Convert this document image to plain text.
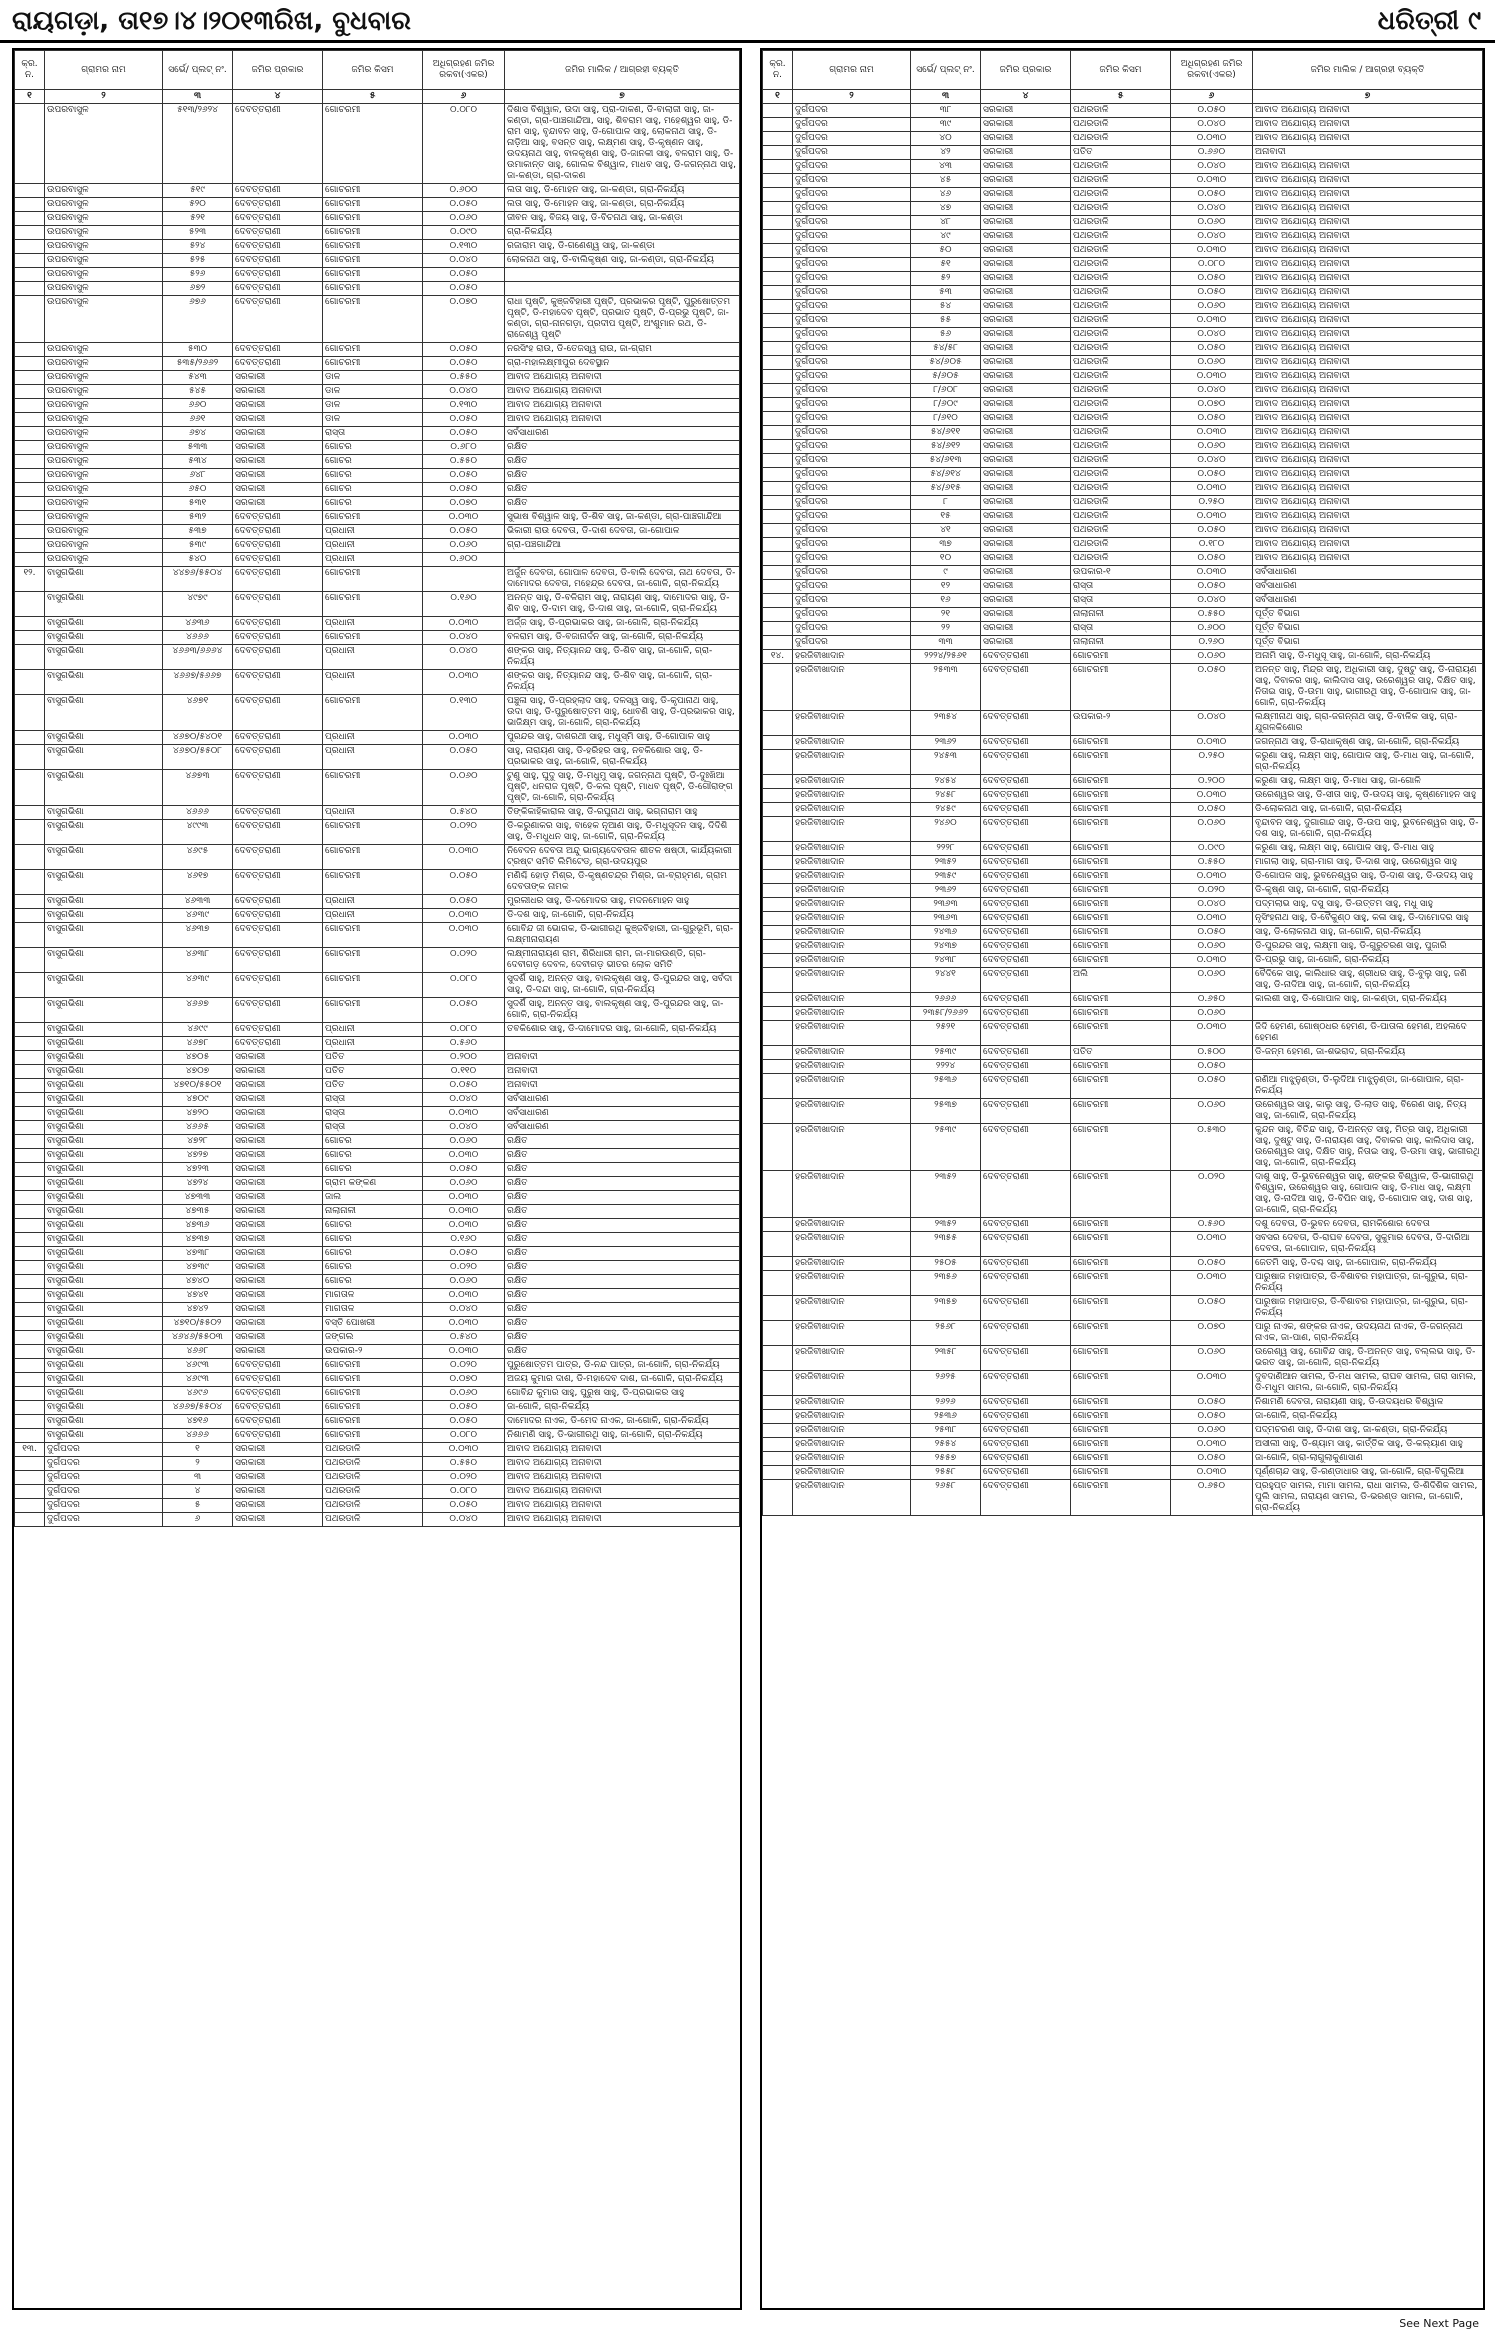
ରାୟଗଡ଼ା, ତା୧୭।୪।୨୦୧୩ରିଖ, ବୁଧବାର	ଧରିତ୍ରୀ ୯
କ୍ର. ନ.	ଗ୍ରାମର ନାମ	ସର୍ଭେ/ ପ୍ଲଟ୍ ନଂ.	ଜମିର ପ୍ରକାର	ଜମିର କିସମ	ଅଧିଗ୍ରହଣ ଜମିର ରକବା(ଏକର)	ଜମିର ମାଲିକ / ଆଗ୍ରହୀ ବ୍ୟକ୍ତି
୧	୨	୩	୪	୫	୬	୭
	ଉପରବାସୁଳ	୫୧୩/୨୬୨୪	ଦେବତ୍ତରାଣୀ	ଗୋଚରମୀ	୦.୦୮୦	ଦିଶାସ ବିଶ୍ୱାଳ, ଉଦା ସାହୁ, ପ୍ରା-ଦାକଣ, ଡି-ବାଲାଜୀ ସାହୁ, ଜା-କଣ୍ଡା, ଗ୍ରା-ପାଞ୍ଚଗାନ୍ଦିଆ, ସାହୁ, ଶିବରାମ ସାହୁ, ମହେଶ୍ୱର ସାହୁ, ଡି-ରାମ ସାହୁ, ବୃନ୍ଦାବନ ସାହୁ, ଡି-ଗୋପାଳ ସାହୁ, ଲୋକନାଥ ସାହୁ, ଡି-ନାଡ଼ିଆ ସାହୁ, ବସନ୍ତ ସାହୁ, ଲକ୍ଷ୍ମଣ ସାହୁ, ଡି-କୃଷ୍ଣନ ସାହୁ, ଉଦୟନାଥ ସାହୁ, ବାଳକୃଷ୍ଣ ସାହୁ, ଡି-ଜାନକୀ ସାହୁ, ବଳରାମ ସାହୁ, ଡି-ଉମାକାନ୍ତ ସାହୁ, ଗୋଲକ ବିଶ୍ୱାଳ, ମାଧବ ସାହୁ, ଡି-ଜଗନ୍ନାଥ ସାହୁ, ଜା-କଣ୍ଡା, ଗ୍ରା-ଦାକଣ
	ଉପରବାସୁଳ	୫୧୯	ଦେବତ୍ତରାଣୀ	ଗୋଚରମୀ	୦.୬୦୦	ଲତା ସାହୁ, ଡି-ମୋହନ ସାହୁ, ଜା-କଣ୍ଡା, ଗ୍ରା-ନିକର୍ଯ୍ୟ
	ଉପରବାସୁଳ	୫୨୦	ଦେବତ୍ତରାଣୀ	ଗୋଚରମୀ	୦.୦୫୦	ଲତା ସାହୁ, ଡି-ମୋହନ ସାହୁ, ଜା-କଣ୍ଡା, ଗ୍ରା-ନିକର୍ଯ୍ୟ
	ଉପରବାସୁଳ	୫୨୧	ଦେବତ୍ତରାଣୀ	ଗୋଚରମୀ	୦.୦୬୦	ଜୀବନ ସାହୁ, ବିଜୟ ସାହୁ, ଡି-ବିଚନାଥ ସାହୁ, ଜା-କଣ୍ଡା
	ଉପରବାସୁଳ	୫୨୩	ଦେବତ୍ତରାଣୀ	ଗୋଚରମୀ	୦.୦୯୦	ଗ୍ରା-ନିକର୍ଯ୍ୟ
	ଉପରବାସୁଳ	୫୨୪	ଦେବତ୍ତରାଣୀ	ଗୋଚରମୀ	୦.୧୩୦	ରଜାରାମ ସାହୁ, ଡି-ଗଣେଶ୍ୱ ସାହୁ, ଜା-କଣ୍ଡା
	ଉପରବାସୁଳ	୫୨୫	ଦେବତ୍ତରାଣୀ	ଗୋଚରମୀ	୦.୦୪୦	ଲୋକନାଥ ସାହୁ, ଡି-ବାଲିକୃଷ୍ଣ ସାହୁ, ଜା-କଣ୍ଡା, ଗ୍ରା-ନିକର୍ଯ୍ୟ
	ଉପରବାସୁଳ	୫୨୬	ଦେବତ୍ତରାଣୀ	ଗୋଚରମୀ	୦.୦୫୦	
	ଉପରବାସୁଳ	୬୭୨	ଦେବତ୍ତରାଣୀ	ଗୋଚରମୀ	୦.୦୫୦	
	ଉପରବାସୁଳ	୬୭୬	ଦେବତ୍ତରାଣୀ	ଗୋଚରମୀ	୦.୦୭୦	ରାଧା ପୃଷ୍ଟି, କୁଞ୍ଜବିହାରୀ ପୃଷ୍ଟି, ପ୍ରଭାକର ପୃଷ୍ଟି, ପୁରୁଷୋତ୍ତମ ପୃଷ୍ଟି, ଡି-ମହାଦେବ ପୃଷ୍ଟି, ପ୍ରଭାତ ପୃଷ୍ଟି, ଡି-ପ୍ରଭୁ ପୃଷ୍ଟି, ଜା-କଣ୍ଡା, ଗ୍ରା-ନାନଗଡ଼ା, ପ୍ରଦୀପ ପୃଷ୍ଟି, ଅଂଶୁମାନ ରଥ, ଡି-ରାଜେଶ୍ୱ ପୃଷ୍ଟି
	ଉପରବାସୁଳ	୫୩୦	ଦେବତ୍ତରାଣୀ	ଗୋଚରମୀ	୦.୦୫୦	ନରସିଂହ ରାଉ, ଡି-ତେଜସ୍ୱ ରାଉ, ଜା-ଗ୍ରାମ
	ଉପରବାସୁଳ	୫୩୫/୨୬୬୨	ଦେବତ୍ତରାଣୀ	ଗୋଚରମୀ	୦.୦୫୦	ଗ୍ରା-ମହାଲକ୍ଷ୍ମୀପୁର ଦେବସ୍ଥାନ
	ଉପରବାସୁଳ	୫୪୩	ସରକାରୀ	ଡାଳ	୦.୫୫୦	ଆବାଦ ଅଯୋଗ୍ୟ ଅନାବାଦୀ
	ଉପରବାସୁଳ	୫୪୫	ସରକାରୀ	ଡାଳ	୦.୦୪୦	ଆବାଦ ଅଯୋଗ୍ୟ ଅନାବାଦୀ
	ଉପରବାସୁଳ	୬୬୦	ସରକାରୀ	ଡାଳ	୦.୧୩୦	ଆବାଦ ଅଯୋଗ୍ୟ ଅନାବାଦୀ
	ଉପରବାସୁଳ	୬୬୧	ସରକାରୀ	ଡାଳ	୦.୦୫୦	ଆବାଦ ଅଯୋଗ୍ୟ ଅନାବାଦୀ
	ଉପରବାସୁଳ	୬୭୪	ସରକାରୀ	ରାସ୍ତା	୦.୦୫୦	ସର୍ବସାଧାରଣ
	ଉପରବାସୁଳ	୫୩୩	ସରକାରୀ	ଗୋଚର	୦.୬୮୦	ରକ୍ଷିତ
	ଉପରବାସୁଳ	୫୩୪	ସରକାରୀ	ଗୋଚର	୦.୫୫୦	ରକ୍ଷିତ
	ଉପରବାସୁଳ	୬୪୮	ସରକାରୀ	ଗୋଚର	୦.୦୫୦	ରକ୍ଷିତ
	ଉପରବାସୁଳ	୬୫୦	ସରକାରୀ	ଗୋଚର	୦.୦୫୦	ରକ୍ଷିତ
	ଉପରବାସୁଳ	୫୩୧	ସରକାରୀ	ଗୋଚର	୦.୦୭୦	ରକ୍ଷିତ
	ଉପରବାସୁଳ	୫୩୨	ଦେବତ୍ତରାଣୀ	ଗୋଚରମୀ	୦.୦୩୦	ସୁଭାଷ ବିଶ୍ୱାଳ ସାହୁ, ଡି-ଶିବ ସାହୁ, ଜା-କଣ୍ଡା, ଗ୍ରା-ପାଞ୍ଚଗାନ୍ଦିଆ
	ଉପରବାସୁଳ	୫୩୭	ଦେବତ୍ତରାଣୀ	ପ୍ରଧାନୀ	୦.୦୫୦	ଭିକାରୀ ରାଉ ଦେବତା, ଡି-ଦାଶ ଦେବତା, ଜା-ଗୋପାଳ
	ଉପରବାସୁଳ	୫୩୯	ଦେବତ୍ତରାଣୀ	ପ୍ରଧାନୀ	୦.୦୬୦	ଗ୍ରା-ପଞ୍ଚଗାନ୍ଦିଆ
	ଉପରବାସୁଳ	୫୪୦	ଦେବତ୍ତରାଣୀ	ପ୍ରଧାନୀ	୦.୬୦୦	
୧୨.	ବାସୁଗଭିଶା	୪୪୭୬/୫୫୦୪	ଦେବତ୍ତରାଣୀ	ଗୋଚରମୀ		ଅର୍ଜୁନ ଦେବତା, ଗୋପାଳ ଦେବତା, ଡି-ବାଲି ଦେବତା, ନାଥ ଦେବତା, ଡି-ଦାମୋଦର ଦେବତା, ମହେନ୍ଦ୍ର ଦେବତା, ଜା-ଗୋଳି, ଗ୍ରା-ନିକର୍ଯ୍ୟ
	ବାସୁଗଭିଶା	୪୯୭୯	ଦେବତ୍ତରାଣୀ	ଗୋଚରମୀ	୦.୧୬୦	ଅନନ୍ତ ସାହୁ, ଡି-ବଳିରାମ ସାହୁ, ନାରାୟଣ ସାହୁ, ଦାମୋଦର ସାହୁ, ଡି-ଶିବ ସାହୁ, ଡି-ଦାମ ସାହୁ, ଡି-ଦାଶ ସାହୁ, ଜା-ଗୋଳି, ଗ୍ରା-ନିକର୍ଯ୍ୟ
	ବାସୁଗଭିଶା	୪୬୩୬	ଦେବତ୍ତରାଣୀ	ପ୍ରଧାନୀ	୦.୦୩୦	ଅର୍ଜ୍ଜ ସାହୁ, ଡି-ପ୍ରଭାକର ସାହୁ, ଜା-ଗୋଳି, ଗ୍ରା-ନିକର୍ଯ୍ୟ
	ବାସୁଗଭିଶା	୪୬୬୬	ଦେବତ୍ତରାଣୀ	ଗୋଚରମୀ	୦.୦୪୦	ବଳରାମ ସାହୁ, ଡି-ବଜାନାର୍ଦନ ସାହୁ, ଜା-ଗୋଳି, ଗ୍ରା-ନିକର୍ଯ୍ୟ
	ବାସୁଗଭିଶା	୪୬୬୩/୬୬୬୪	ଦେବତ୍ତରାଣୀ	ପ୍ରଧାନୀ	୦.୦୪୦	ଶଙ୍କର ସାହୁ, ନିତ୍ୟାନନ୍ଦ ସାହୁ, ଡି-ଶିବ ସାହୁ, ଜା-ଗୋଳି, ଗ୍ରା-ନିକର୍ଯ୍ୟ
	ବାସୁଗଭିଶା	୪୬୬୭/୫୬୬୭	ଦେବତ୍ତରାଣୀ	ପ୍ରଧାନୀ	୦.୦୩୦	ଶଙ୍କର ସାହୁ, ନିତ୍ୟାନନ୍ଦ ସାହୁ, ଡି-ଶିବ ସାହୁ, ଜା-ଗୋଳି, ଗ୍ରା-ନିକର୍ଯ୍ୟ
	ବାସୁଗଭିଶା	୪୬୭୧	ଦେବତ୍ତରାଣୀ	ଗୋଚରମୀ	୦.୧୩୦	ପଞ୍ଚୁଳା ସାହୁ, ଡି-ପ୍ରହ୍ଲାଦ ସାହୁ, ଦଳସ୍ୱ ସାହୁ, ଡି-କୃପାନାଥ ସାହୁ, ଉଦା ସାହୁ, ଡି-ପୁରୁଷୋତ୍ତମ ସାହୁ, ଧୋବଣି ସାହୁ, ଡି-ପ୍ରଭାକର ସାହୁ, ଭାଜିକ୍ଷ୍ମ ସାହୁ, ଜା-ଗୋଳି, ଗ୍ରା-ନିକର୍ଯ୍ୟ
	ବାସୁଗଭିଶା	୪୬୭୦/୫୪୦୧	ଦେବତ୍ତରାଣୀ	ପ୍ରଧାନୀ	୦.୦୩୦	ପୁରନ୍ଦର ସାହୁ, ଦାଶରଥୀ ସାହୁ, ମଧୁସ୍ମି ସାହୁ, ଡି-ଗୋପାଳ ସାହୁ
	ବାସୁଗଭିଶା	୪୬୭୦/୫୫୦୮	ଦେବତ୍ତରାଣୀ	ପ୍ରଧାନୀ	୦.୦୫୦	ସାହୁ, ନାରାୟଣ ସାହୁ, ଡି-ହରିହର ସାହୁ, ନବକିଶୋର ସାହୁ, ଡି-ପ୍ରଭାକର ସାହୁ, ଜା-ଗୋଳି, ଗ୍ରା-ନିକର୍ଯ୍ୟ
	ବାସୁଗଭିଶା	୪୬୭୩	ଦେବତ୍ତରାଣୀ	ଗୋଚରମୀ	୦.୦୬୦	ଟୁଣୁ ସାହୁ, ଘୁଦୁ ସାହୁ, ଡି-ମଧୁମୁ ସାହୁ, ଜଗନ୍ନାଥ ପୃଷ୍ଟି, ଡି-ଦୁଃଖିଆ ପୃଷ୍ଟି, ଧନରାଜ ପୃଷ୍ଟି, ଡି-କଲ ପୃଷ୍ଟି, ମାଧବ ପୃଷ୍ଟି, ଡି-ଗୌରାଙ୍ଗ ପୃଷ୍ଟି, ଜା-ଗୋଳି, ଗ୍ରା-ନିକର୍ଯ୍ୟ
	ବାସୁଗଭିଶା	୪୬୬୬	ଦେବତ୍ତରାଣୀ	ପ୍ରଧାନୀ	୦.୫୪୦	ତିଙ୍କିକାହିକାରାଲ ସାହୁ, ଡି-ରଘୁନାଥ ସାହୁ, ଭଗ୍ନାରାମ ସାହୁ
	ବାସୁଗଭିଶା	୪୯୯୩	ଦେବତ୍ତରାଣୀ	ଗୋଚରମୀ	୦.୦୨୦	ଡି-କରୁଣାକର ସାହୁ, ବାହେକ ନୂଆଣ ସାହୁ, ଡି-ମଧୁସୂଦନ ସାହୁ, ଦିଦିଶି ସାହୁ, ଡି-ମଧୁଧନ ସାହୁ, ଜା-ଗୋଳି, ଗ୍ରା-ନିକର୍ଯ୍ୟ
	ବାସୁଗଭିଶା	୪୬୯୫	ଦେବତ୍ତରାଣୀ	ଗୋଚରମୀ	୦.୦୩୦	ନିବେଦନ ଦେବତା ଅନ୍ଦୁ ଭାଗ୍ୟଦେବତାଳ ଶୀତଳ ଷଷ୍ଠୀ, କାର୍ଯ୍ୟକାରୀ ଟ୍ରଷ୍ଟ ସମିତି ଲିମିଟେଡ୍, ଗ୍ରା-ଉଦୟପୁର
	ବାସୁଗଭିଶା	୪୬୧୭	ଦେବତ୍ତରାଣୀ	ଗୋଚରମୀ	୦.୦୫୦	ମଣିଶ୍ଚି ହୋଡ଼ ମିଶ୍ର, ଡି-କୃଷ୍ଣଚନ୍ଦ୍ର ମିଶ୍ର, ଜା-ବ୍ରାହ୍ମଣ, ଗ୍ରାମ ଦେବତାଙ୍କ ନାମକ
	ବାସୁଗଭିଶା	୪୬୩୩	ଦେବତ୍ତରାଣୀ	ପ୍ରଧାନୀ	୦.୦୫୦	ମୁରଲୀଧର ସାହୁ, ଡି-ଦମୋଦର ସାହୁ, ମଦନମୋହନ ସାହୁ
	ବାସୁଗଭିଶା	୪୬୩୯	ଦେବତ୍ତରାଣୀ	ପ୍ରଧାନୀ	୦.୦୩୦	ଡି-ଦଶ ସାହୁ, ଜା-ଗୋଳି, ଗ୍ରା-ନିକର୍ଯ୍ୟ
	ବାସୁଗଭିଶା	୪୬୩୭	ଦେବତ୍ତରାଣୀ	ଗୋଚରମୀ	୦.୦୩୦	ଗୋବିନ୍ଦ ଜୀ ଭୋଗକ, ଡି-ଭାଗୀରଥି କୁଞ୍ଜବିହାରୀ, ଜା-ଗୁରୁଭୂମି, ଗ୍ରା-ଲକ୍ଷ୍ମୀନାରାୟଣ
	ବାସୁଗଭିଶା	୪୬୩୮	ଦେବତ୍ତରାଣୀ	ଗୋଚରମୀ	୦.୦୨୦	ଲକ୍ଷ୍ମୀନାରାୟଣ ରାମ, ଶିରିଧାରୀ ରାମ, ଜା-ମାରଉଣ୍ଡି, ଗ୍ରା-ଦେବୀଗଡ଼ ଦେବଳ, ଦେବୀଗଡ଼ ଭୀତର ଲୋକ ସମିତି
	ବାସୁଗଭିଶା	୪୬୩୯	ଦେବତ୍ତରାଣୀ	ଗୋଚରମୀ	୦.୦୮୦	ସୁଦର୍ଶି ସାହୁ, ଅନନ୍ତ ସାହୁ, ବାଲକୃଷ୍ଣ ସାହୁ, ଡି-ପୁରନ୍ଦର ସାହୁ, ସର୍ବଦା ସାହୁ, ଡି-ଦନ୍ଦା ସାହୁ, ଜା-ଗୋଳି, ଗ୍ରା-ନିକର୍ଯ୍ୟ
	ବାସୁଗଭିଶା	୪୬୬୭	ଦେବତ୍ତରାଣୀ	ଗୋଚରମୀ	୦.୦୫୦	ସୁଦର୍ଶି ସାହୁ, ଅନନ୍ତ ସାହୁ, ବାଲକୃଷ୍ଣ ସାହୁ, ଡି-ପୁରନ୍ଦର ସାହୁ, ଜା-ଗୋଳି, ଗ୍ରା-ନିକର୍ଯ୍ୟ
	ବାସୁଗଭିଶା	୪୬୯୯	ଦେବତ୍ତରାଣୀ	ପ୍ରଧାନୀ	୦.୦୮୦	ତବକିଶୋର ସାହୁ, ଡି-ଦାମୋଦର ସାହୁ, ଜା-ଗୋଳି, ଗ୍ରା-ନିକର୍ଯ୍ୟ
	ବାସୁଗଭିଶା	୪୬୭୮	ଦେବତ୍ତରାଣୀ	ପ୍ରଧାନୀ	୦.୫୬୦	
	ବାସୁଗଭିଶା	୪୭୦୫	ସରକାରୀ	ପତିତ	୦.୨୦୦	ଅନାବାଦୀ
	ବାସୁଗଭିଶା	୪୭୦୭	ସରକାରୀ	ପତିତ	୦.୧୧୦	ଅନାବାଦୀ
	ବାସୁଗଭିଶା	୪୭୧୦/୫୫୦୧	ସରକାରୀ	ପତିତ	୦.୦୫୦	ଅନାବାଦୀ
	ବାସୁଗଭିଶା	୪୭୦୯	ସରକାରୀ	ରାସ୍ତା	୦.୦୪୦	ସର୍ବସାଧାରଣ
	ବାସୁଗଭିଶା	୪୭୨୦	ସରକାରୀ	ରାସ୍ତା	୦.୦୩୦	ସର୍ବସାଧାରଣ
	ବାସୁଗଭିଶା	୪୬୬୫	ସରକାରୀ	ରାସ୍ତା	୦.୦୪୦	ସର୍ବସାଧାରଣ
	ବାସୁଗଭିଶା	୪୭୨୮	ସରକାରୀ	ଗୋଚର	୦.୦୬୦	ରକ୍ଷିତ
	ବାସୁଗଭିଶା	୪୭୨୭	ସରକାରୀ	ଗୋଚର	୦.୦୩୦	ରକ୍ଷିତ
	ବାସୁଗଭିଶା	୪୭୨୩	ସରକାରୀ	ଗୋଚର	୦.୦୫୦	ରକ୍ଷିତ
	ବାସୁଗଭିଶା	୪୭୨୪	ସରକାରୀ	ଗ୍ରାମ କଙ୍କଣ	୦.୦୬୦	ରକ୍ଷିତ
	ବାସୁଗଭିଶା	୪୭୩୩	ସରକାରୀ	ଜାଲ	୦.୦୩୦	ରକ୍ଷିତ
	ବାସୁଗଭିଶା	୪୭୩୫	ସରକାରୀ	ନାଲାନାଳୀ	୦.୦୩୦	ରକ୍ଷିତ
	ବାସୁଗଭିଶା	୪୭୩୬	ସରକାରୀ	ଗୋଚର	୦.୦୩୦	ରକ୍ଷିତ
	ବାସୁଗଭିଶା	୪୭୩୭	ସରକାରୀ	ଗୋଚର	୦.୧୬୦	ରକ୍ଷିତ
	ବାସୁଗଭିଶା	୪୭୩୮	ସରକାରୀ	ଗୋଚର	୦.୦୫୦	ରକ୍ଷିତ
	ବାସୁଗଭିଶା	୪୭୩୯	ସରକାରୀ	ଗୋଚର	୦.୦୨୦	ରକ୍ଷିତ
	ବାସୁଗଭିଶା	୪୭୪୦	ସରକାରୀ	ଗୋଚର	୦.୦୬୦	ରକ୍ଷିତ
	ବାସୁଗଭିଶା	୪୭୪୧	ସରକାରୀ	ମାଗତାଳ	୦.୦୩୦	ରକ୍ଷିତ
	ବାସୁଗଭିଶା	୪୭୪୨	ସରକାରୀ	ମାଗତାଳ	୦.୦୪୦	ରକ୍ଷିତ
	ବାସୁଗଭିଶା	୪୭୧୦/୫୫୦୨	ସରକାରୀ	ବସ୍ତି ପୋଖରୀ	୦.୦୩୦	ରକ୍ଷିତ
	ବାସୁଗଭିଶା	୪୬୪୬/୫୫୦୩	ସରକାରୀ	ଜଙ୍ଗଲ	୦.୫୪୦	ରକ୍ଷିତ
	ବାସୁଗଭିଶା	୪୬୬୮	ସରକାରୀ	ଉପକାର-୨	୦.୦୩୦	ରକ୍ଷିତ
	ବାସୁଗଭିଶା	୪୬୯୩	ଦେବତ୍ତରାଣୀ	ଗୋଚରମୀ	୦.୦୨୦	ପୁରୁଷୋତ୍ତମ ପାତ୍ର, ଡି-ନନ୍ଦ ପାତ୍ର, ଜା-ଗୋଳି, ଗ୍ରା-ନିକର୍ଯ୍ୟ
	ବାସୁଗଭିଶା	୪୬୯୩	ଦେବତ୍ତରାଣୀ	ଗୋଚରମୀ	୦.୦୭୦	ଅଜୟ କୁମାର ଦାଶ, ଡି-ମହାଦେବ ଦାଶ, ଜା-ଗୋଳି, ଗ୍ରା-ନିକର୍ଯ୍ୟ
	ବାସୁଗଭିଶା	୪୬୯୬	ଦେବତ୍ତରାଣୀ	ଗୋଚରମୀ	୦.୦୬୦	ଗୋବିନ୍ଦ କୁମାର ସାହୁ, ପୁରୁଷ ସାହୁ, ଡି-ପ୍ରଭାକର ସାହୁ
	ବାସୁଗଭିଶା	୪୬୬୭/୫୫୦୪	ଦେବତ୍ତରାଣୀ	ଗୋଚରମୀ	୦.୦୫୦	ଜା-ଗୋଳି, ଗ୍ରା-ନିକର୍ଯ୍ୟ
	ବାସୁଗଭିଶା	୪୭୧୬	ଦେବତ୍ତରାଣୀ	ଗୋଚରମୀ	୦.୦୫୦	ଦାମୋଦର ନାଏକ, ଡି-ମେଦ ନାଏକ, ଜା-ଗୋଳି, ଗ୍ରା-ନିକର୍ଯ୍ୟ
	ବାସୁଗଭିଶା	୪୬୬୬	ଦେବତ୍ତରାଣୀ	ଗୋଚରମୀ	୦.୦୮୦	ନିଶାମଣି ସାହୁ, ଡି-ଭାଗୀରଥି ସାହୁ, ଜା-ଗୋଳି, ଗ୍ରା-ନିକର୍ଯ୍ୟ
୧୩.	ଦୁର୍ଗପଦର	୧	ସରକାରୀ	ପଥରଡାଳି	୦.୦୩୦	ଆବାଦ ଅଯୋଗ୍ୟ ଅନାବାଦୀ
	ଦୁର୍ଗପଦର	୨	ସରକାରୀ	ପଥରଡାଳି	୦.୫୫୦	ଆବାଦ ଅଯୋଗ୍ୟ ଅନାବାଦୀ
	ଦୁର୍ଗପଦର	୩	ସରକାରୀ	ପଥରଡାଳି	୦.୦୨୦	ଆବାଦ ଅଯୋଗ୍ୟ ଅନାବାଦୀ
	ଦୁର୍ଗପଦର	୪	ସରକାରୀ	ପଥରଡାଳି	୦.୦୮୦	ଆବାଦ ଅଯୋଗ୍ୟ ଅନାବାଦୀ
	ଦୁର୍ଗପଦର	୫	ସରକାରୀ	ପଥରଡାଳି	୦.୦୫୦	ଆବାଦ ଅଯୋଗ୍ୟ ଅନାବାଦୀ
	ଦୁର୍ଗପଦର	୬	ସରକାରୀ	ପଥରଡାଳି	୦.୦୪୦	ଆବାଦ ଅଯୋଗ୍ୟ ଅନାବାଦୀ
କ୍ର. ନ.	ଗ୍ରାମର ନାମ	ସର୍ଭେ/ ପ୍ଲଟ୍ ନଂ.	ଜମିର ପ୍ରକାର	ଜମିର କିସମ	ଅଧିଗ୍ରହଣ ଜମିର ରକବା(ଏକର)	ଜମିର ମାଲିକ / ଆଗ୍ରହୀ ବ୍ୟକ୍ତି
୧	୨	୩	୪	୫	୬	୭
	ଦୁର୍ଗପଦର	୩୮	ସରକାରୀ	ପଥରଡାଳି	୦.୦୫୦	ଆବାଦ ଅଯୋଗ୍ୟ ଅନାବାଦୀ
	ଦୁର୍ଗପଦର	୩୯	ସରକାରୀ	ପଥରଡାଳି	୦.୦୪୦	ଆବାଦ ଅଯୋଗ୍ୟ ଅନାବାଦୀ
	ଦୁର୍ଗପଦର	୪୦	ସରକାରୀ	ପଥରଡାଳି	୦.୦୩୦	ଆବାଦ ଅଯୋଗ୍ୟ ଅନାବାଦୀ
	ଦୁର୍ଗପଦର	୪୨	ସରକାରୀ	ପତିତ	୦.୬୬୦	ଅନାବାଦୀ
	ଦୁର୍ଗପଦର	୪୩	ସରକାରୀ	ପଥରଡାଳି	୦.୦୪୦	ଆବାଦ ଅଯୋଗ୍ୟ ଅନାବାଦୀ
	ଦୁର୍ଗପଦର	୪୫	ସରକାରୀ	ପଥରଡାଳି	୦.୦୩୦	ଆବାଦ ଅଯୋଗ୍ୟ ଅନାବାଦୀ
	ଦୁର୍ଗପଦର	୪୬	ସରକାରୀ	ପଥରଡାଳି	୦.୦୫୦	ଆବାଦ ଅଯୋଗ୍ୟ ଅନାବାଦୀ
	ଦୁର୍ଗପଦର	୪୭	ସରକାରୀ	ପଥରଡାଳି	୦.୦୪୦	ଆବାଦ ଅଯୋଗ୍ୟ ଅନାବାଦୀ
	ଦୁର୍ଗପଦର	୪୮	ସରକାରୀ	ପଥରଡାଳି	୦.୦୬୦	ଆବାଦ ଅଯୋଗ୍ୟ ଅନାବାଦୀ
	ଦୁର୍ଗପଦର	୪୯	ସରକାରୀ	ପଥରଡାଳି	୦.୦୪୦	ଆବାଦ ଅଯୋଗ୍ୟ ଅନାବାଦୀ
	ଦୁର୍ଗପଦର	୫୦	ସରକାରୀ	ପଥରଡାଳି	୦.୦୩୦	ଆବାଦ ଅଯୋଗ୍ୟ ଅନାବାଦୀ
	ଦୁର୍ଗପଦର	୫୧	ସରକାରୀ	ପଥରଡାଳି	୦.୦୮୦	ଆବାଦ ଅଯୋଗ୍ୟ ଅନାବାଦୀ
	ଦୁର୍ଗପଦର	୫୨	ସରକାରୀ	ପଥରଡାଳି	୦.୦୫୦	ଆବାଦ ଅଯୋଗ୍ୟ ଅନାବାଦୀ
	ଦୁର୍ଗପଦର	୫୩	ସରକାରୀ	ପଥରଡାଳି	୦.୦୫୦	ଆବାଦ ଅଯୋଗ୍ୟ ଅନାବାଦୀ
	ଦୁର୍ଗପଦର	୫୪	ସରକାରୀ	ପଥରଡାଳି	୦.୦୬୦	ଆବାଦ ଅଯୋଗ୍ୟ ଅନାବାଦୀ
	ଦୁର୍ଗପଦର	୫୫	ସରକାରୀ	ପଥରଡାଳି	୦.୦୩୦	ଆବାଦ ଅଯୋଗ୍ୟ ଅନାବାଦୀ
	ଦୁର୍ଗପଦର	୫୬	ସରକାରୀ	ପଥରଡାଳି	୦.୦୪୦	ଆବାଦ ଅଯୋଗ୍ୟ ଅନାବାଦୀ
	ଦୁର୍ଗପଦର	୫୪/୫୮	ସରକାରୀ	ପଥରଡାଳି	୦.୦୫୦	ଆବାଦ ଅଯୋଗ୍ୟ ଅନାବାଦୀ
	ଦୁର୍ଗପଦର	୫୪/୬୦୫	ସରକାରୀ	ପଥରଡାଳି	୦.୦୬୦	ଆବାଦ ଅଯୋଗ୍ୟ ଅନାବାଦୀ
	ଦୁର୍ଗପଦର	୫/୬୦୫	ସରକାରୀ	ପଥରଡାଳି	୦.୦୩୦	ଆବାଦ ଅଯୋଗ୍ୟ ଅନାବାଦୀ
	ଦୁର୍ଗପଦର	୮/୬୦୮	ସରକାରୀ	ପଥରଡାଳି	୦.୦୪୦	ଆବାଦ ଅଯୋଗ୍ୟ ଅନାବାଦୀ
	ଦୁର୍ଗପଦର	୮/୬୦୯	ସରକାରୀ	ପଥରଡାଳି	୦.୦୭୦	ଆବାଦ ଅଯୋଗ୍ୟ ଅନାବାଦୀ
	ଦୁର୍ଗପଦର	୮/୬୧୦	ସରକାରୀ	ପଥରଡାଳି	୦.୦୫୦	ଆବାଦ ଅଯୋଗ୍ୟ ଅନାବାଦୀ
	ଦୁର୍ଗପଦର	୫୪/୬୧୧	ସରକାରୀ	ପଥରଡାଳି	୦.୦୩୦	ଆବାଦ ଅଯୋଗ୍ୟ ଅନାବାଦୀ
	ଦୁର୍ଗପଦର	୫୪/୬୧୨	ସରକାରୀ	ପଥରଡାଳି	୦.୦୬୦	ଆବାଦ ଅଯୋଗ୍ୟ ଅନାବାଦୀ
	ଦୁର୍ଗପଦର	୫୪/୬୧୩	ସରକାରୀ	ପଥରଡାଳି	୦.୦୪୦	ଆବାଦ ଅଯୋଗ୍ୟ ଅନାବାଦୀ
	ଦୁର୍ଗପଦର	୫୪/୬୧୪	ସରକାରୀ	ପଥରଡାଳି	୦.୦୫୦	ଆବାଦ ଅଯୋଗ୍ୟ ଅନାବାଦୀ
	ଦୁର୍ଗପଦର	୫୪/୬୧୫	ସରକାରୀ	ପଥରଡାଳି	୦.୦୩୦	ଆବାଦ ଅଯୋଗ୍ୟ ଅନାବାଦୀ
	ଦୁର୍ଗପଦର	୮	ସରକାରୀ	ପଥରଡାଳି	୦.୨୫୦	ଆବାଦ ଅଯୋଗ୍ୟ ଅନାବାଦୀ
	ଦୁର୍ଗପଦର	୧୫	ସରକାରୀ	ପଥରଡାଳି	୦.୦୩୦	ଆବାଦ ଅଯୋଗ୍ୟ ଅନାବାଦୀ
	ଦୁର୍ଗପଦର	୪୧	ସରକାରୀ	ପଥରଡାଳି	୦.୦୫୦	ଆବାଦ ଅଯୋଗ୍ୟ ଅନାବାଦୀ
	ଦୁର୍ଗପଦର	୩୭	ସରକାରୀ	ପଥରଡାଳି	୦.୧୮୦	ଆବାଦ ଅଯୋଗ୍ୟ ଅନାବାଦୀ
	ଦୁର୍ଗପଦର	୧୦	ସରକାରୀ	ପଥରଡାଳି	୦.୦୫୦	ଆବାଦ ଅଯୋଗ୍ୟ ଅନାବାଦୀ
	ଦୁର୍ଗପଦର	୯	ସରକାରୀ	ଉପକାର-୧	୦.୦୩୦	ସର୍ବସାଧାରଣ
	ଦୁର୍ଗପଦର	୧୨	ସରକାରୀ	ରାସ୍ତା	୦.୦୫୦	ସର୍ବସାଧାରଣ
	ଦୁର୍ଗପଦର	୧୬	ସରକାରୀ	ରାସ୍ତା	୦.୦୪୦	ସର୍ବସାଧାରଣ
	ଦୁର୍ଗପଦର	୨୧	ସରକାରୀ	ନାଲାନାଳୀ	୦.୫୫୦	ପୂର୍ତ୍ତ ବିଭାଗ
	ଦୁର୍ଗପଦର	୨୨	ସରକାରୀ	ରାସ୍ତା	୦.୬୦୦	ପୂର୍ତ୍ତ ବିଭାଗ
	ଦୁର୍ଗପଦର	୩୩	ସରକାରୀ	ନାଲାନାଳୀ	୦.୨୬୦	ପୂର୍ତ୍ତ ବିଭାଗ
୧୪.	ହରଜିବୀଖାଦାନ	୨୨୨୪/୨୫୬୧	ଦେବତ୍ତରାଣୀ	ଗୋଚରମୀ	୦.୦୬୦	ଅନାମି ସାହୁ, ଡି-ମଧୁସୂ ସାହୁ, ଜା-ଗୋଳି, ଗ୍ରା-ନିକର୍ଯ୍ୟ
	ହରଜିବୀଖାଦାନ	୨୫୩୩	ଦେବତ୍ତରାଣୀ	ଗୋଚରମୀ	୦.୦୫୦	ଅନନ୍ତ ସାହୁ, ମିନ୍ଦ୍ର ସାହୁ, ଅଧିକାରୀ ସାହୁ, ଦୁଷ୍ଟୁ ସାହୁ, ଡି-ନାରାୟଣ ସାହୁ, ଦିବାକର ସାହୁ, କାଲିଦାସ ସାହୁ, ଉରେଶ୍ୱର ସାହୁ, ଦିକ୍ଷିତ ସାହୁ, ନିତାଇ ସାହୁ, ଡି-ଉମା ସାହୁ, ଭାଗୀରଥି ସାହୁ, ଡି-ଗୋପାଳ ସାହୁ, ଜା-ଗୋଳି, ଗ୍ରା-ନିକର୍ଯ୍ୟ
	ହରଜିବୀଖାଦାନ	୨୩୫୪	ଦେବତ୍ତରାଣୀ	ଉପକାର-୨	୦.୦୪୦	ଲକ୍ଷ୍ମୀନାଥ ସାହୁ, ଗ୍ରା-ଜଗନ୍ନାଥ ସାହୁ, ଡି-ବାଳିକ ସାହୁ, ଗ୍ରା-ଯୁଗଳକିଶୋର
	ହରଜିବୀଖାଦାନ	୨୩୬୨	ଦେବତ୍ତରାଣୀ	ଗୋଚରମୀ	୦.୦୩୦	ଜଗନ୍ନାଥ ସାହୁ, ଡି-ରାଧାକୃଷ୍ଣ ସାହୁ, ଜା-ଗୋଳି, ଗ୍ରା-ନିକର୍ଯ୍ୟ
	ହରଜିବୀଖାଦାନ	୨୪୫୩	ଦେବତ୍ତରାଣୀ	ଗୋଚରମୀ	୦.୨୫୦	କରୁଣା ସାହୁ, ଲକ୍ଷ୍ମ ସାହୁ, ଗୋପାଳ ସାହୁ, ଡି-ମାଧ ସାହୁ, ଜା-ଗୋଳି, ଗ୍ରା-ନିକର୍ଯ୍ୟ
	ହରଜିବୀଖାଦାନ	୨୪୫୪	ଦେବତ୍ତରାଣୀ	ଗୋଚରମୀ	୦.୨୦୦	କରୁଣା ସାହୁ, ଲକ୍ଷ୍ମ ସାହୁ, ଡି-ମାଧ ସାହୁ, ଜା-ଗୋଳି
	ହରଜିବୀଖାଦାନ	୨୪୫୮	ଦେବତ୍ତରାଣୀ	ଗୋଚରମୀ	୦.୦୩୦	ଉରେଶ୍ୱର ସାହୁ, ଡି-ସୀତା ସାହୁ, ଡି-ଉଦୟ ସାହୁ, କୃଷ୍ଣମୋହନ ସାହୁ
	ହରଜିବୀଖାଦାନ	୨୪୫୯	ଦେବତ୍ତରାଣୀ	ଗୋଚରମୀ	୦.୦୫୦	ଡି-ଲୋକନାଥ ସାହୁ, ଜା-ଗୋଳି, ଗ୍ରା-ନିକର୍ଯ୍ୟ
	ହରଜିବୀଖାଦାନ	୨୪୬୦	ଦେବତ୍ତରାଣୀ	ଗୋଚରମୀ	୦.୦୬୦	ବୃନ୍ଦାବନ ସାହୁ, ଦୁଗାଗାନ୍ଦ ସାହୁ, ଡି-ଉପ ସାହୁ, ଭୁବନେଶ୍ୱର ସାହୁ, ଡି-ଦଶ ସାହୁ, ଜା-ଗୋଳି, ଗ୍ରା-ନିକର୍ଯ୍ୟ
	ହରଜିବୀଖାଦାନ	୨୨୨୮	ଦେବତ୍ତରାଣୀ	ଗୋଚରମୀ	୦.୦୯୦	କରୁଣା ସାହୁ, ଲକ୍ଷ୍ମ ସାହୁ, ଗୋପାଳ ସାହୁ, ଡି-ମାଧ ସାହୁ
	ହରଜିବୀଖାଦାନ	୨୩୫୨	ଦେବତ୍ତରାଣୀ	ଗୋଚରମୀ	୦.୫୫୦	ମାଗଲା ସାହୁ, ଗ୍ରା-ମାଗ ସାହୁ, ଡି-ଦାଶ ସାହୁ, ଉରେଶ୍ୱର ସାହୁ
	ହରଜିବୀଖାଦାନ	୨୩୫୯	ଦେବତ୍ତରାଣୀ	ଗୋଚରମୀ	୦.୦୩୦	ଡି-ଗୋପଳ ସାହୁ, ଭୁବନେଶ୍ୱର ସାହୁ, ଡି-ଦାଶ ସାହୁ, ଡି-ଉଦୟ ସାହୁ
	ହରଜିବୀଖାଦାନ	୨୩୬୨	ଦେବତ୍ତରାଣୀ	ଗୋଚରମୀ	୦.୦୨୦	ଡି-କୃଷ୍ଣ ସାହୁ, ଜା-ଗୋଳି, ଗ୍ରା-ନିକର୍ଯ୍ୟ
	ହରଜିବୀଖାଦାନ	୨୩୬୩	ଦେବତ୍ତରାଣୀ	ଗୋଚରମୀ	୦.୦୪୦	ପଦ୍ମଲାଭ ସାହୁ, ଦସୁ ସାହୁ, ଡି-ଉତ୍ତମ ସାହୁ, ମଧୁ ସାହୁ
	ହରଜିବୀଖାଦାନ	୨୩୬୩	ଦେବତ୍ତରାଣୀ	ଗୋଚରମୀ	୦.୦୩୦	ନୃସିଂହନାଥ ସାହୁ, ଡି-ବୈକୁଣ୍ଠ ସାହୁ, କଳା ସାହୁ, ଡି-ଦାମୋଦର ସାହୁ
	ହରଜିବୀଖାଦାନ	୨୪୩୬	ଦେବତ୍ତରାଣୀ	ଗୋଚରମୀ	୦.୦୫୦	ସାହୁ, ଡି-ଲୋକନାଥ ସାହୁ, ଜା-ଗୋଳି, ଗ୍ରା-ନିକର୍ଯ୍ୟ
	ହରଜିବୀଖାଦାନ	୨୪୩୭	ଦେବତ୍ତରାଣୀ	ଗୋଚରମୀ	୦.୦୬୦	ଡି-ପୁରନ୍ଦର ସାହୁ, ଲକ୍ଷ୍ମୀ ସାହୁ, ଡି-ଗୁରୁଚରଣ ସାହୁ, ପୁଜାରି
	ହରଜିବୀଖାଦାନ	୨୪୩୮	ଦେବତ୍ତରାଣୀ	ଗୋଚରମୀ	୦.୦୩୦	ଡି-ପ୍ରଭୁ ସାହୁ, ଜା-ଗୋଳି, ଗ୍ରା-ନିକର୍ଯ୍ୟ
	ହରଜିବୀଖାଦାନ	୨୪୪୧	ଦେବତ୍ତରାଣୀ	ଅଲି	୦.୦୬୦	ବୈଦିକେ ସାହୁ, କାଲିଧାର ସାହୁ, ଶ୍ରୀଧର ସାହୁ, ଡି-ବୁଲୁ ସାହୁ, ଜଣି ସାହୁ, ଡି-ନାଦିଆ ସାହୁ, ଜା-ଗୋଳି, ଗ୍ରା-ନିକର୍ଯ୍ୟ
	ହରଜିବୀଖାଦାନ	୨୬୬୬	ଦେବତ୍ତରାଣୀ	ଗୋଚରମୀ	୦.୬୫୦	କାଲଶୀ ସାହୁ, ଡି-ଗୋପାଳ ସାହୁ, ଜା-କଣ୍ଡା, ଗ୍ରା-ନିକର୍ଯ୍ୟ
	ହରଜିବୀଖାଦାନ	୨୩୫୮/୨୬୬୨	ଦେବତ୍ତରାଣୀ	ଗୋଚରମୀ	୦.୦୬୦	
	ହରଜିବୀଖାଦାନ	୨୫୨୧	ଦେବତ୍ତରାଣୀ	ଗୋଚରମୀ	୦.୦୩୦	ଜିଦି ହେମଣ, ଗୋଷ୍ଠଧର ହେମଣ, ଡି-ପାତାଲ ହେମଣ, ଅହଲଦେ ହେମଣ
	ହରଜିବୀଖାଦାନ	୨୫୩୯	ଦେବତ୍ତରାଣୀ	ପତିତ	୦.୫୦୦	ଡି-ଜନ୍ମ ହେମଣ, ଜା-ଶଭରାଦ, ଗ୍ରା-ନିକର୍ଯ୍ୟ
	ହରଜିବୀଖାଦାନ	୨୨୨୪	ଦେବତ୍ତରାଣୀ	ଗୋଚରମୀ	୦.୦୫୦	
	ହରଜିବୀଖାଦାନ	୨୫୩୬	ଦେବତ୍ତରାଣୀ	ଗୋଚରମୀ	୦.୦୫୦	ରଣିଆ ମାଝୁନୁଣ୍ଡା, ଡି-ଲୁଦିଆ ମାଝୁନୁଣ୍ଡା, ଜା-ଗୋପାଳ, ଗ୍ରା-ନିକର୍ଯ୍ୟ
	ହରଜିବୀଖାଦାନ	୨୫୩୭	ଦେବତ୍ତରାଣୀ	ଗୋଚରମୀ	୦.୦୬୦	ଉରେଶ୍ୱର ସାହୁ, କାଲୁ ସାହୁ, ଡି-ଲାଡ ସାହୁ, ବିରେଣ ସାହୁ, ନିତ୍ୟ ସାହୁ, ଜା-ଗୋଳି, ଗ୍ରା-ନିକର୍ଯ୍ୟ
	ହରଜିବୀଖାଦାନ	୨୫୩୯	ଦେବତ୍ତରାଣୀ	ଗୋଚରମୀ	୦.୫୩୦	କୁନ୍ଦନ ସାହୁ, ବିତିନ୍ଦ ସାହୁ, ଡି-ଅନନ୍ତ ସାହୁ, ମିତ୍ର ସାହୁ, ଅଧିକାରୀ ସାହୁ, ଦୁଷ୍ଟୁ ସାହୁ, ଡି-ନାରାୟଣ ସାହୁ, ଦିବାକର ସାହୁ, କାଲିଦାସ ସାହୁ, ଉରେଶ୍ୱର ସାହୁ, ଦିକ୍ଷିତ ସାହୁ, ନିତାଇ ସାହୁ, ଡି-ଉମା ସାହୁ, ଭାଗୀରଥି ସାହୁ, ଜା-ଗୋଳି, ଗ୍ରା-ନିକର୍ଯ୍ୟ
	ହରଜିବୀଖାଦାନ	୨୩୫୨	ଦେବତ୍ତରାଣୀ	ଗୋଚରମୀ	୦.୦୨୦	ଦାଶୁ ସାହୁ, ଡି-ଭୁବନେଶ୍ୱର ସାହୁ, ଶଙ୍କର ବିଶ୍ୱାଳ, ଡି-ଭାଗୀରଥି ବିଶ୍ୱାଳ, ଉରେଶ୍ୱର ସାହୁ, ଗୋପାଳ ସାହୁ, ଡି-ମାଧ ସାହୁ, ଲକ୍ଷ୍ମୀ ସାହୁ, ଡି-ନାଦିଆ ସାହୁ, ଡି-ବିପିନ ସାହୁ, ଡି-ଗୋପାଳ ସାହୁ, ଦାଶ ସାହୁ, ଜା-ଗୋଳି, ଗ୍ରା-ନିକର୍ଯ୍ୟ
	ହରଜିବୀଖାଦାନ	୨୩୫୨	ଦେବତ୍ତରାଣୀ	ଗୋଚରମୀ	୦.୫୬୦	ଦଶୁ ଦେବତା, ଡି-ଭୁବନ ଦେବତା, ରାମକିଶୋର ଦେବତା
	ହରଜିବୀଖାଦାନ	୨୩୫୫	ଦେବତ୍ତରାଣୀ	ଗୋଚରମୀ	୦.୦୩୦	ସବସର ଦେବତା, ଡି-ରାଘବ ଦେବତା, ସୁକୁମାର ଦେବତା, ଡି-ଦାରିଆ ଦେବତା, ଜା-ଗୋପାଳ, ଗ୍ରା-ନିକର୍ଯ୍ୟ
	ହରଜିବୀଖାଦାନ	୨୫୦୫	ଦେବତ୍ତରାଣୀ	ଗୋଚରମୀ	୦.୦୫୦	ଜେତମି ସାହୁ, ଡି-ଦଶ୍ଚ ସାହୁ, ଜା-ଗୋପାଳ, ଗ୍ରା-ନିକର୍ଯ୍ୟ
	ହରଜିବୀଖାଦାନ	୨୩୫୬	ଦେବତ୍ତରାଣୀ	ଗୋଚରମୀ	୦.୦୩୦	ପାରୁଷାଜ ମହାପାତ୍ର, ଡି-ବିଶାବର ମହାପାତ୍ର, ଜା-ଗୁରୁଭ, ଗ୍ରା-ନିକର୍ଯ୍ୟ
	ହରଜିବୀଖାଦାନ	୨୩୫୭	ଦେବତ୍ତରାଣୀ	ଗୋଚରମୀ	୦.୦୫୦	ପାରୁଷାଜ ମହାପାତ୍ର, ଡି-ବିଶାବର ମହାପାତ୍ର, ଜା-ଗୁରୁଭ, ଗ୍ରା-ନିକର୍ଯ୍ୟ
	ହରଜିବୀଖାଦାନ	୨୫୬୮	ଦେବତ୍ତରାଣୀ	ଗୋଚରମୀ	୦.୦୭୦	ପାରୁ ନାଏକ, ଶଙ୍କର ନାଏକ, ଉଦୟନାଥ ନାଏକ, ଡି-ଜଗନ୍ନାଥ ନାଏକ, ଜା-ପାଣ, ଗ୍ରା-ନିକର୍ଯ୍ୟ
	ହରଜିବୀଖାଦାନ	୨୩୫୮	ଦେବତ୍ତରାଣୀ	ଗୋଚରମୀ	୦.୦୬୦	ଉରେଶ୍ୱ ସାହୁ, ଗୋବିନ୍ଦ ସାହୁ, ଡି-ଅନନ୍ତ ସାହୁ, ବଲ୍ଲଭ ସାହୁ, ଡି-ଭରତ ସାହୁ, ଜା-ଗୋଳି, ଗ୍ରା-ନିକର୍ଯ୍ୟ
	ହରଜିବୀଖାଦାନ	୨୬୨୫	ଦେବତ୍ତରାଣୀ	ଗୋଚରମୀ	୦.୦୩୦	ଦୁବଦାଣିଆନ ସାମଲ, ଡି-ମଧ ସାମଲ, ରାଘବ ସାମଲ, ତାରା ସାମଲ, ଡି-ମଧୁମ ସାମଲ, ଜା-ଗୋଳି, ଗ୍ରା-ନିକର୍ଯ୍ୟ
	ହରଜିବୀଖାଦାନ	୨୬୨୬	ଦେବତ୍ତରାଣୀ	ଗୋଚରମୀ	୦.୦୫୦	ନିଶାମଣି ଦେବତା, ନାରାୟଣୀ ସାହୁ, ଡି-ଉଦୟଧର ବିଶ୍ୱାଳ
	ହରଜିବୀଖାଦାନ	୨୫୩୬	ଦେବତ୍ତରାଣୀ	ଗୋଚରମୀ	୦.୦୫୦	ଜା-ଗୋଳି, ଗ୍ରା-ନିକର୍ଯ୍ୟ
	ହରଜିବୀଖାଦାନ	୨୫୩୮	ଦେବତ୍ତରାଣୀ	ଗୋଚରମୀ	୦.୦୬୦	ପଦ୍ମଚରଣ ସାହୁ, ଡି-ଦାଶ ସାହୁ, ଜା-କଣ୍ଡା, ଗ୍ରା-ନିକର୍ଯ୍ୟ
	ହରଜିବୀଖାଦାନ	୨୫୫୪	ଦେବତ୍ତରାଣୀ	ଗୋଚରମୀ	୦.୦୩୦	ଅସୀଲୀ ସାହୁ, ଡି-ଶ୍ୟାମ ସାହୁ, କାର୍ତ୍ତିକ ସାହୁ, ଡି-କଲ୍ୟାଣ ସାହୁ
	ହରଜିବୀଖାଦାନ	୨୫୫୭	ଦେବତ୍ତରାଣୀ	ଗୋଚରମୀ	୦.୦୫୦	ଜା-ଗୋଳି, ଗ୍ରା-ଲାଗୁଲାକୁଣାସାଣ
	ହରଜିବୀଖାଦାନ	୨୫୫୮	ଦେବତ୍ତରାଣୀ	ଗୋଚରମୀ	୦.୦୩୦	ପୂର୍ଣ୍ଣଚାନ୍ଦ ସାହୁ, ଡି-ରଣ୍ଡାଧାର ସାହୁ, ଜା-ଗୋଳି, ଗ୍ରା-ବିଗୁଲିଆ
	ହରଜିବୀଖାଦାନ	୨୬୫୮	ଦେବତ୍ତରାଣୀ	ଗୋଚରମୀ	୦.୬୫୦	ପ୍ରହୁପ୍ତ ସାମଲ, ମାମା ସାମଲ, ରାଧା ସାମଲ, ଡି-ଶିଦିଶିକ ସାମଲ, ପୁଲି ସାମଲ, ନାରାୟଣ ସାମଲ, ଡି-ଭରଣ୍ଡ ସାମଲ, ଜା-ଗୋଳି, ଗ୍ରା-ନିକର୍ଯ୍ୟ
See Next Page
